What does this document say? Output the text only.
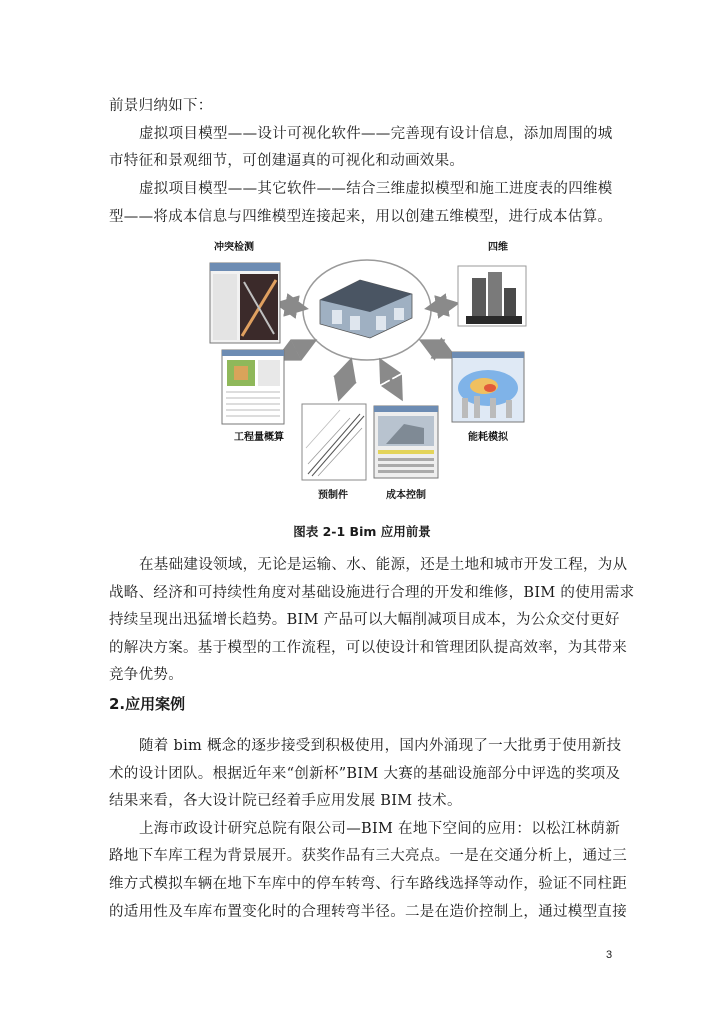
前景归纳如下：
虚拟项目模型——设计可视化软件——完善现有设计信息，添加周围的城
市特征和景观细节，可创建逼真的可视化和动画效果。
虚拟项目模型——其它软件——结合三维虚拟模型和施工进度表的四维模
型——将成本信息与四维模型连接起来，用以创建五维模型，进行成本估算。
冲突检测	四维
工程量概算	能耗模拟
预制件	成本控制
图表 2-1 Bim 应用前景
在基础建设领域，无论是运输、水、能源，还是土地和城市开发工程，为从
战略、经济和可持续性角度对基础设施进行合理的开发和维修，BIM 的使用需求
持续呈现出迅猛增长趋势。BIM 产品可以大幅削减项目成本，为公众交付更好
的解决方案。基于模型的工作流程，可以使设计和管理团队提高效率，为其带来
竞争优势。
2.应用案例
随着 bim 概念的逐步接受到积极使用，国内外涌现了一大批勇于使用新技
术的设计团队。根据近年来“创新杯”BIM 大赛的基础设施部分中评选的奖项及
结果来看，各大设计院已经着手应用发展 BIM 技术。
上海市政设计研究总院有限公司—BIM 在地下空间的应用：以松江林荫新
路地下车库工程为背景展开。获奖作品有三大亮点。一是在交通分析上，通过三
维方式模拟车辆在地下车库中的停车转弯、行车路线选择等动作，验证不同柱距
的适用性及车库布置变化时的合理转弯半径。二是在造价控制上，通过模型直接
3
